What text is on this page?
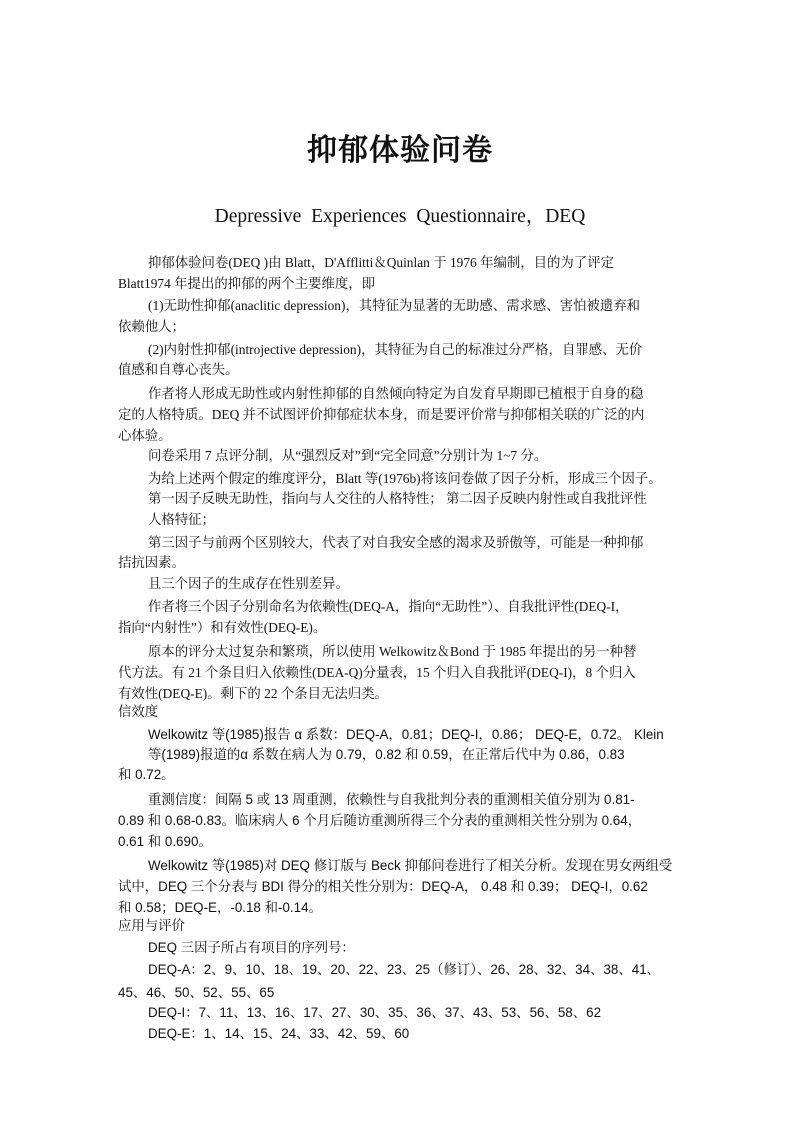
抑郁体验问卷
Depressive Experiences Questionnaire，DEQ
抑郁体验问卷(DEQ )由 Blatt，D'Afflitti＆Quinlan 于 1976 年编制，目的为了评定
Blatt1974 年提出的抑郁的两个主要维度，即
(1)无助性抑郁(anaclitic depression)，其特征为显著的无助感、需求感、害怕被遗弃和
依赖他人；
(2)内射性抑郁(introjective depression)，其特征为自己的标准过分严格，自罪感、无价
值感和自尊心丧失。
作者将人形成无助性或内射性抑郁的自然倾向特定为自发育早期即已植根于自身的稳
定的人格特质。DEQ 并不试图评价抑郁症状本身，而是要评价常与抑郁相关联的广泛的内
心体验。
问卷采用 7 点评分制，从“强烈反对”到“完全同意”分别计为 1~7 分。
为给上述两个假定的维度评分，Blatt 等(1976b)将该问卷做了因子分析，形成三个因子。
第一因子反映无助性，指向与人交往的人格特性； 第二因子反映内射性或自我批评性
人格特征；
第三因子与前两个区别较大，代表了对自我安全感的渴求及骄傲等，可能是一种抑郁
拮抗因素。
且三个因子的生成存在性别差异。
作者将三个因子分别命名为依赖性(DEQ-A，指向“无助性”）、自我批评性(DEQ-I，
指向“内射性”）和有效性(DEQ-E)。
原本的评分太过复杂和繁琐，所以使用 Welkowitz＆Bond 于 1985 年提出的另一种替
代方法。有 21 个条目归入依赖性(DEA-Q)分量表，15 个归入自我批评(DEQ-I)，8 个归入
有效性(DEQ-E)。剩下的 22 个条目无法归类。
信效度
Welkowitz 等(1985)报告 α 系数：DEQ-A，0.81；DEQ-I，0.86； DEQ-E，0.72。 Klein
等(1989)报道的α 系数在病人为 0.79，0.82 和 0.59，在正常后代中为 0.86，0.83
和 0.72。
重测信度：间隔 5 或 13 周重测，依赖性与自我批判分表的重测相关值分别为 0.81-
0.89 和 0.68-0.83。临床病人 6 个月后随访重测所得三个分表的重测相关性分别为 0.64，
0.61 和 0.690。
Welkowitz 等(1985)对 DEQ 修订版与 Beck 抑郁问卷进行了相关分析。发现在男女两组受
试中，DEQ 三个分表与 BDI 得分的相关性分别为：DEQ-A， 0.48 和 0.39； DEQ-I，0.62
和 0.58；DEQ-E，-0.18 和-0.14。
应用与评价
DEQ 三因子所占有项目的序列号：
DEQ-A：2、9、10、18、19、20、22、23、25（修订）、26、28、32、34、38、41、
45、46、50、52、55、65
DEQ-I：7、11、13、16、17、27、30、35、36、37、43、53、56、58、62
DEQ-E：1、14、15、24、33、42、59、60
